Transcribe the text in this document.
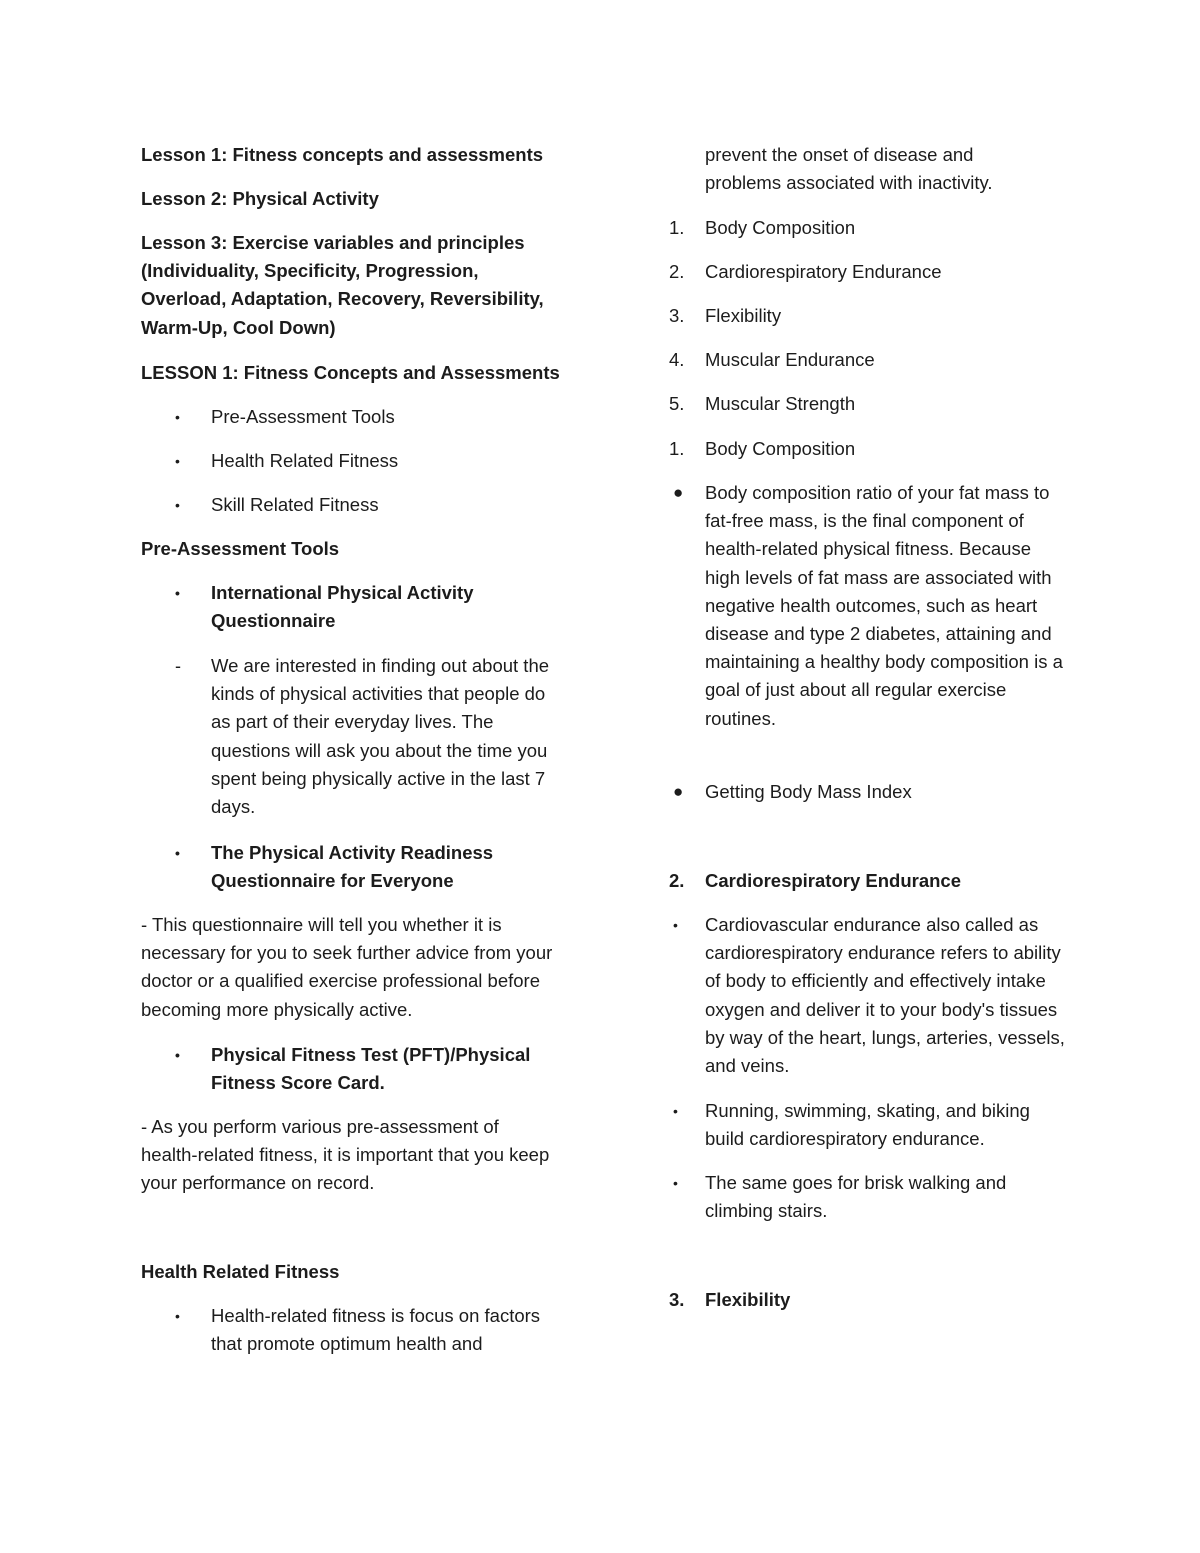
Lesson 1: Fitness concepts and assessments

Lesson 2: Physical Activity

Lesson 3: Exercise variables and principles (Individuality, Specificity, Progression, Overload, Adaptation, Recovery, Reversibility, Warm-Up, Cool Down)

LESSON 1: Fitness Concepts and Assessments

• Pre-Assessment Tools
• Health Related Fitness
• Skill Related Fitness

Pre-Assessment Tools

• International Physical Activity Questionnaire
- We are interested in finding out about the kinds of physical activities that people do as part of their everyday lives. The questions will ask you about the time you spent being physically active in the last 7 days.
• The Physical Activity Readiness Questionnaire for Everyone

- This questionnaire will tell you whether it is necessary for you to seek further advice from your doctor or a qualified exercise professional before becoming more physically active.

• Physical Fitness Test (PFT)/Physical Fitness Score Card.

- As you perform various pre-assessment of health-related fitness, it is important that you keep your performance on record.

Health Related Fitness

• Health-related fitness is focus on factors that promote optimum health and

prevent the onset of disease and problems associated with inactivity.

1. Body Composition
2. Cardiorespiratory Endurance
3. Flexibility
4. Muscular Endurance
5. Muscular Strength
1. Body Composition
● Body composition ratio of your fat mass to fat-free mass, is the final component of health-related physical fitness. Because high levels of fat mass are associated with negative health outcomes, such as heart disease and type 2 diabetes, attaining and maintaining a healthy body composition is a goal of just about all regular exercise routines.
● Getting Body Mass Index
2. Cardiorespiratory Endurance
• Cardiovascular endurance also called as cardiorespiratory endurance refers to ability of body to efficiently and effectively intake oxygen and deliver it to your body's tissues by way of the heart, lungs, arteries, vessels, and veins.
• Running, swimming, skating, and biking build cardiorespiratory endurance.
• The same goes for brisk walking and climbing stairs.
3. Flexibility
